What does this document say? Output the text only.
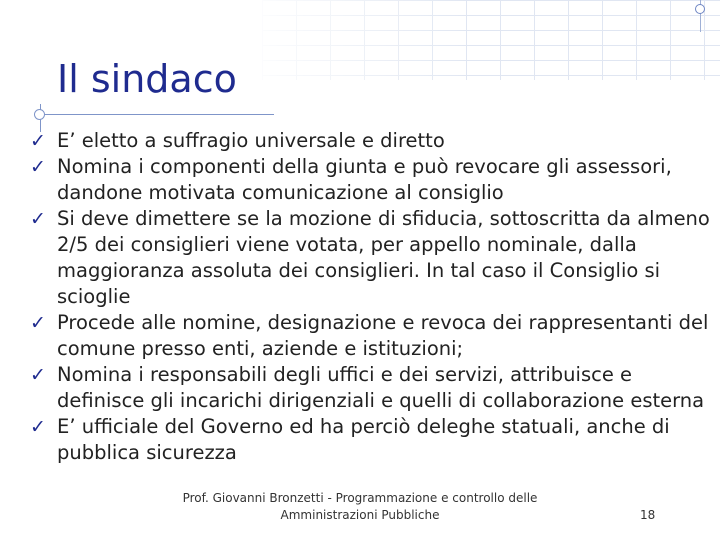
Il sindaco
✓ E’ eletto a suffragio universale e diretto
✓ Nomina i componenti della giunta e può revocare gli assessori, dandone motivata comunicazione al consiglio
✓ Si deve dimettere se la mozione di sfiducia, sottoscritta da almeno 2/5 dei consiglieri viene votata, per appello nominale, dalla maggioranza assoluta dei consiglieri. In tal caso il Consiglio si scioglie
✓ Procede alle nomine, designazione e revoca dei rappresentanti del comune presso enti, aziende e istituzioni;
✓ Nomina i responsabili degli uffici e dei servizi, attribuisce e definisce gli incarichi dirigenziali e quelli di collaborazione esterna
✓ E’ ufficiale del Governo ed ha perciò deleghe statuali, anche di pubblica sicurezza
Prof. Giovanni Bronzetti - Programmazione e controllo delle
Amministrazioni Pubbliche	18
